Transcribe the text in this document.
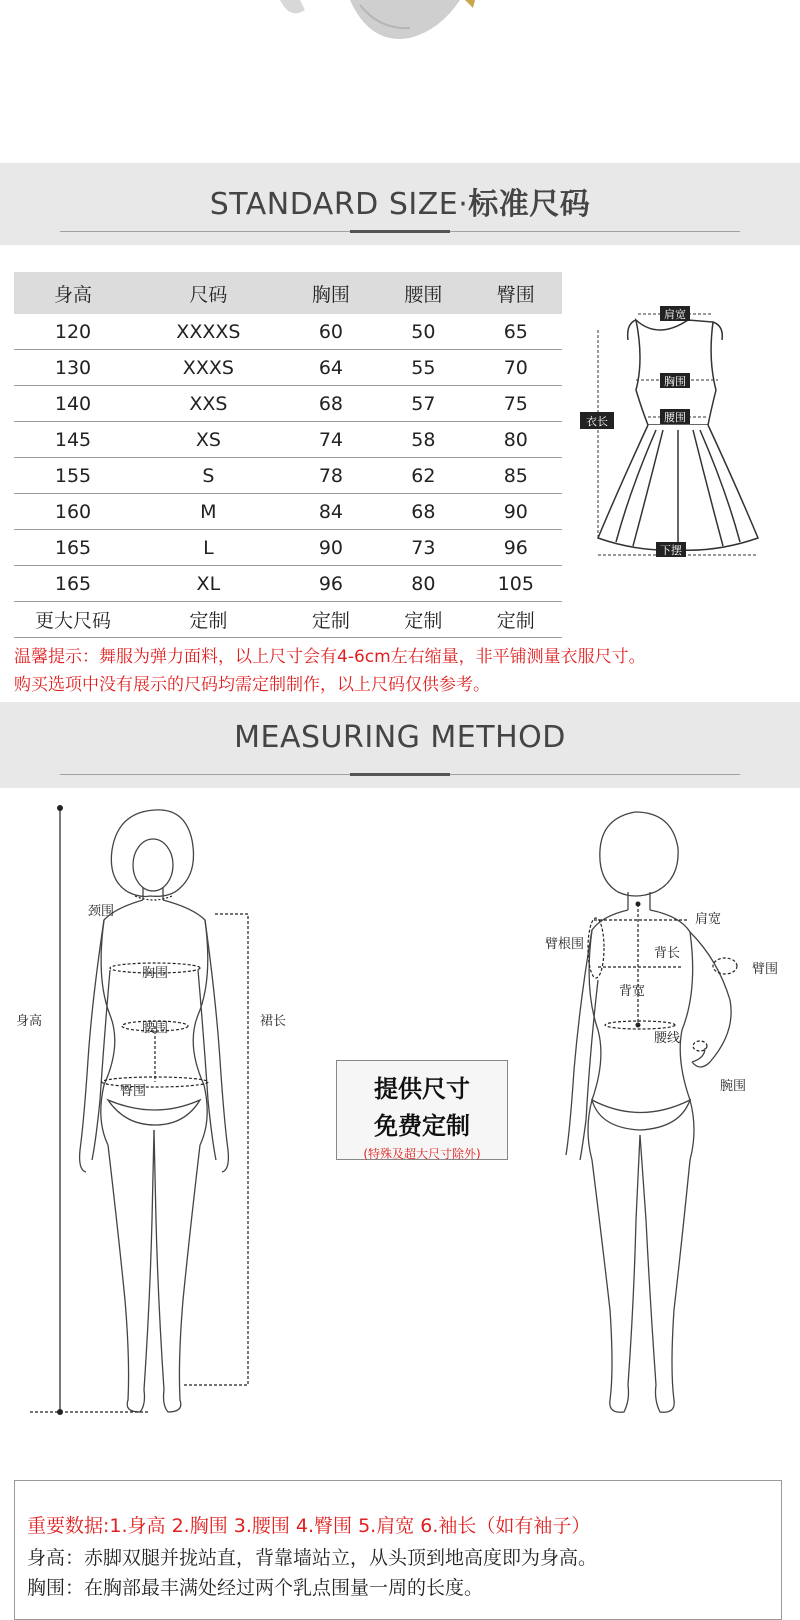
STANDARD SIZE·标准尺码
身高	尺码	胸围	腰围	臀围
120	XXXXS	60	50	65
130	XXXS	64	55	70
140	XXS	68	57	75
145	XS	74	58	80
155	S	78	62	85
160	M	84	68	90
165	L	90	73	96
165	XL	96	80	105
更大尺码	定制	定制	定制	定制
肩宽
胸围
腰围
衣长
下摆
温馨提示：舞服为弹力面料，以上尺寸会有4-6cm左右缩量，非平铺测量衣服尺寸。
购买选项中没有展示的尺码均需定制制作，以上尺码仅供参考。
MEASURING METHOD
身高
颈围
胸围
腰围
臀围
裙长
提供尺寸
免费定制
(特殊及超大尺寸除外)
臂根围
肩宽
背长
臂围
背宽
腰线
腕围
重要数据:1.身高 2.胸围 3.腰围 4.臀围 5.肩宽 6.袖长（如有袖子）
身高：赤脚双腿并拢站直，背靠墙站立，从头顶到地高度即为身高。
胸围：在胸部最丰满处经过两个乳点围量一周的长度。
